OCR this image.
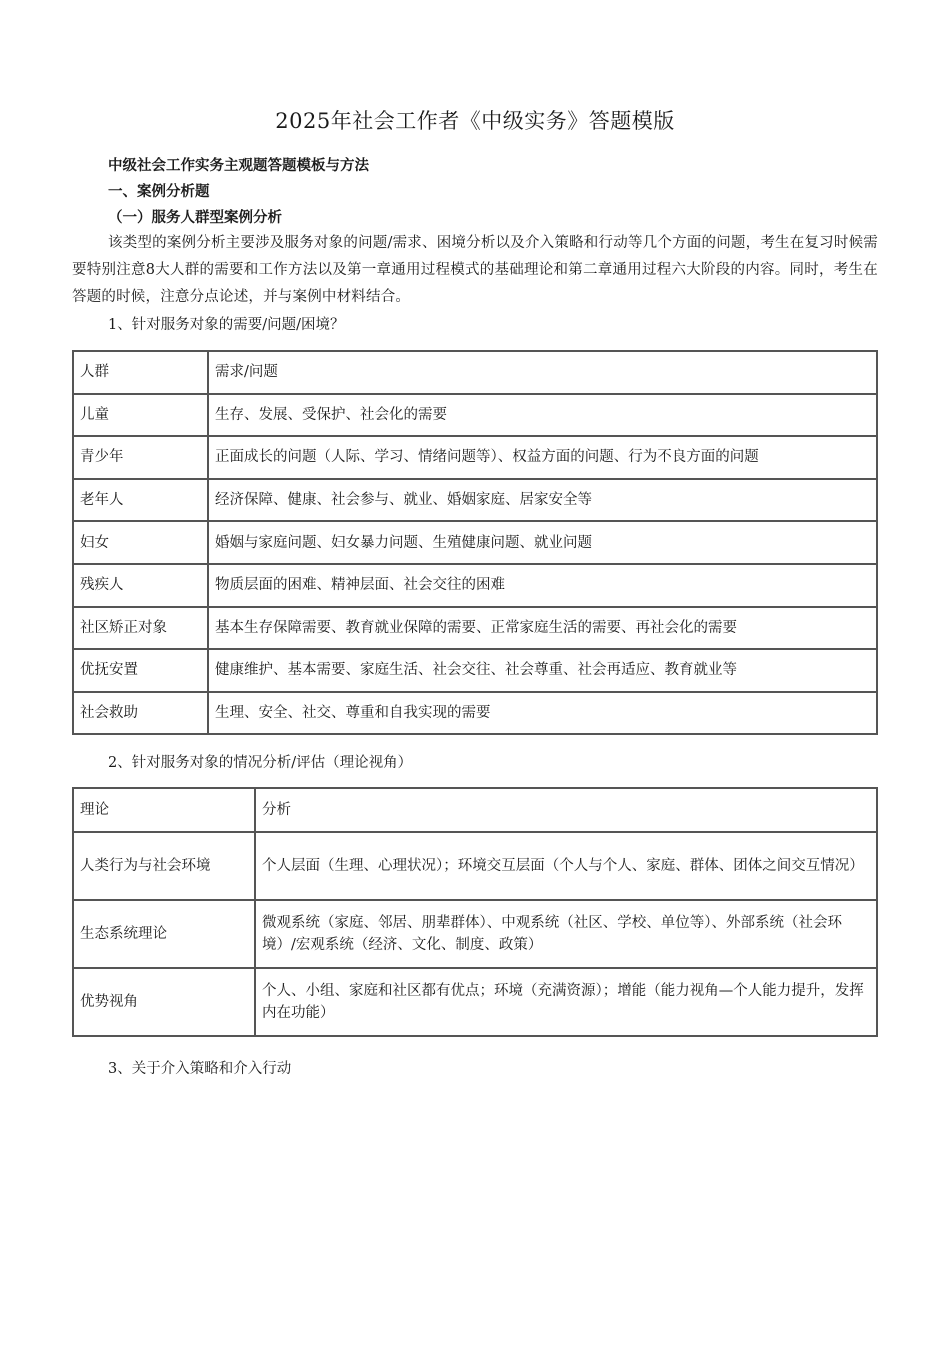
2025年社会工作者《中级实务》答题模版
中级社会工作实务主观题答题模板与方法
一、案例分析题
（一）服务人群型案例分析
该类型的案例分析主要涉及服务对象的问题/需求、困境分析以及介入策略和行动等几个方面的问题，考生在复习时候需要特别注意8大人群的需要和工作方法以及第一章通用过程模式的基础理论和第二章通用过程六大阶段的内容。同时，考生在答题的时候，注意分点论述，并与案例中材料结合。
1、针对服务对象的需要/问题/困境？
人群	需求/问题
儿童	生存、发展、受保护、社会化的需要
青少年	正面成长的问题（人际、学习、情绪问题等）、权益方面的问题、行为不良方面的问题
老年人	经济保障、健康、社会参与、就业、婚姻家庭、居家安全等
妇女	婚姻与家庭问题、妇女暴力问题、生殖健康问题、就业问题
残疾人	物质层面的困难、精神层面、社会交往的困难
社区矫正对象	基本生存保障需要、教育就业保障的需要、正常家庭生活的需要、再社会化的需要
优抚安置	健康维护、基本需要、家庭生活、社会交往、社会尊重、社会再适应、教育就业等
社会救助	生理、安全、社交、尊重和自我实现的需要
2、针对服务对象的情况分析/评估（理论视角）
理论	分析
人类行为与社会环境	个人层面（生理、心理状况）；环境交互层面（个人与个人、家庭、群体、团体之间交互情况）
生态系统理论	微观系统（家庭、邻居、朋辈群体）、中观系统（社区、学校、单位等）、外部系统（社会环境）/宏观系统（经济、文化、制度、政策）
优势视角	个人、小组、家庭和社区都有优点；环境（充满资源）；增能（能力视角—个人能力提升，发挥内在功能）
3、关于介入策略和介入行动
